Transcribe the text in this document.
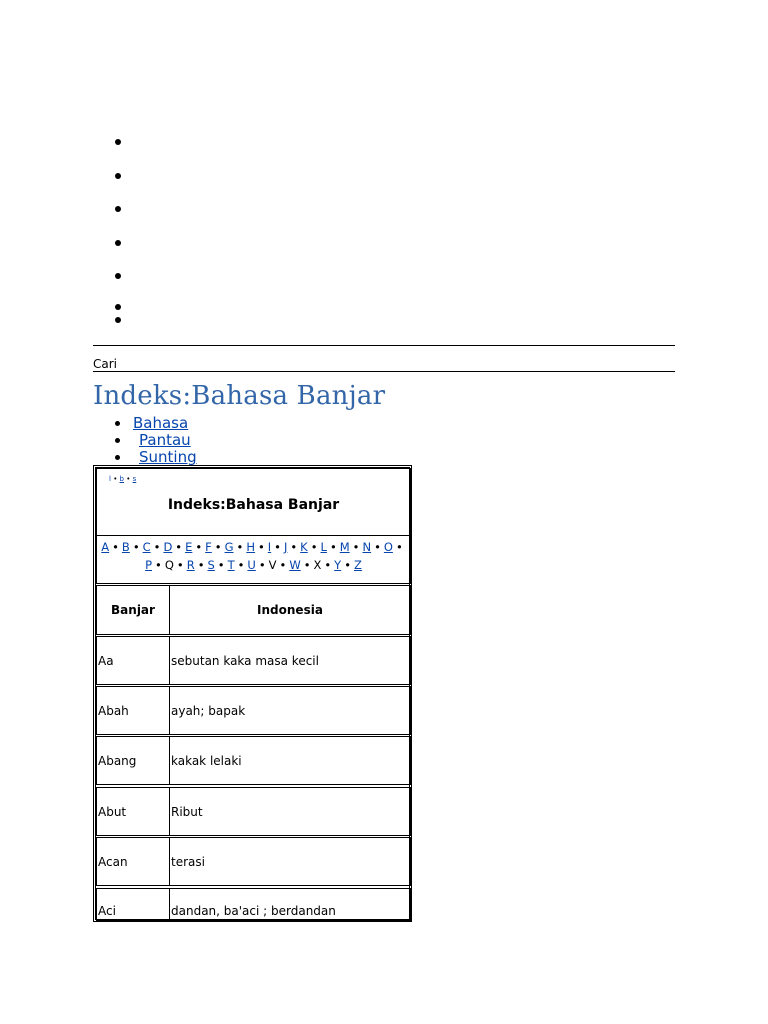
Cari
Indeks:Bahasa Banjar
Bahasa
Pantau
Sunting
l • b • s
Indeks:Bahasa Banjar
A • B • C • D • E • F • G • H • I • J • K • L • M • N • O •
P • Q • R • S • T • U • V • W • X • Y • Z
Banjar	Indonesia
Aa	sebutan kaka masa kecil
Abah	ayah; bapak
Abang	kakak lelaki
Abut	Ribut
Acan	terasi
Aci	dandan, ba'aci ; berdandan
